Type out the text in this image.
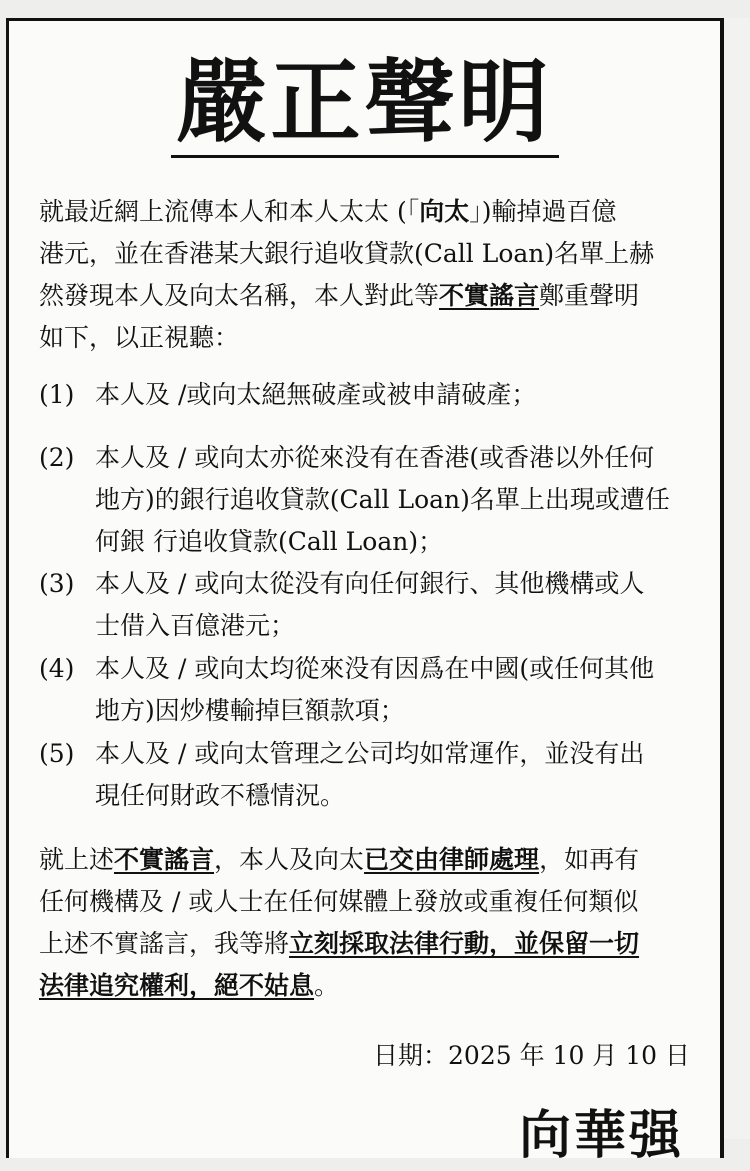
嚴正聲明
就最近網上流傳本人和本人太太 (「向太」)輸掉過百億
港元，並在香港某大銀行追收貸款(Call Loan)名單上赫
然發現本人及向太名稱，本人對此等不實謠言鄭重聲明
如下，以正視聽：
(1) 本人及 /或向太絕無破產或被申請破產；
(2) 本人及 / 或向太亦從來没有在香港(或香港以外任何
地方)的銀行追收貸款(Call Loan)名單上出現或遭任
何銀 行追收貸款(Call Loan)；
(3) 本人及 / 或向太從没有向任何銀行、其他機構或人
士借入百億港元；
(4) 本人及 / 或向太均從來没有因爲在中國(或任何其他
地方)因炒樓輸掉巨額款項；
(5) 本人及 / 或向太管理之公司均如常運作，並没有出
現任何財政不穩情況。
就上述不實謠言，本人及向太已交由律師處理，如再有
任何機構及 / 或人士在任何媒體上發放或重複任何類似
上述不實謠言，我等將立刻採取法律行動，並保留一切
法律追究權利，絕不姑息。
日期：2025 年 10 月 10 日
向華强
